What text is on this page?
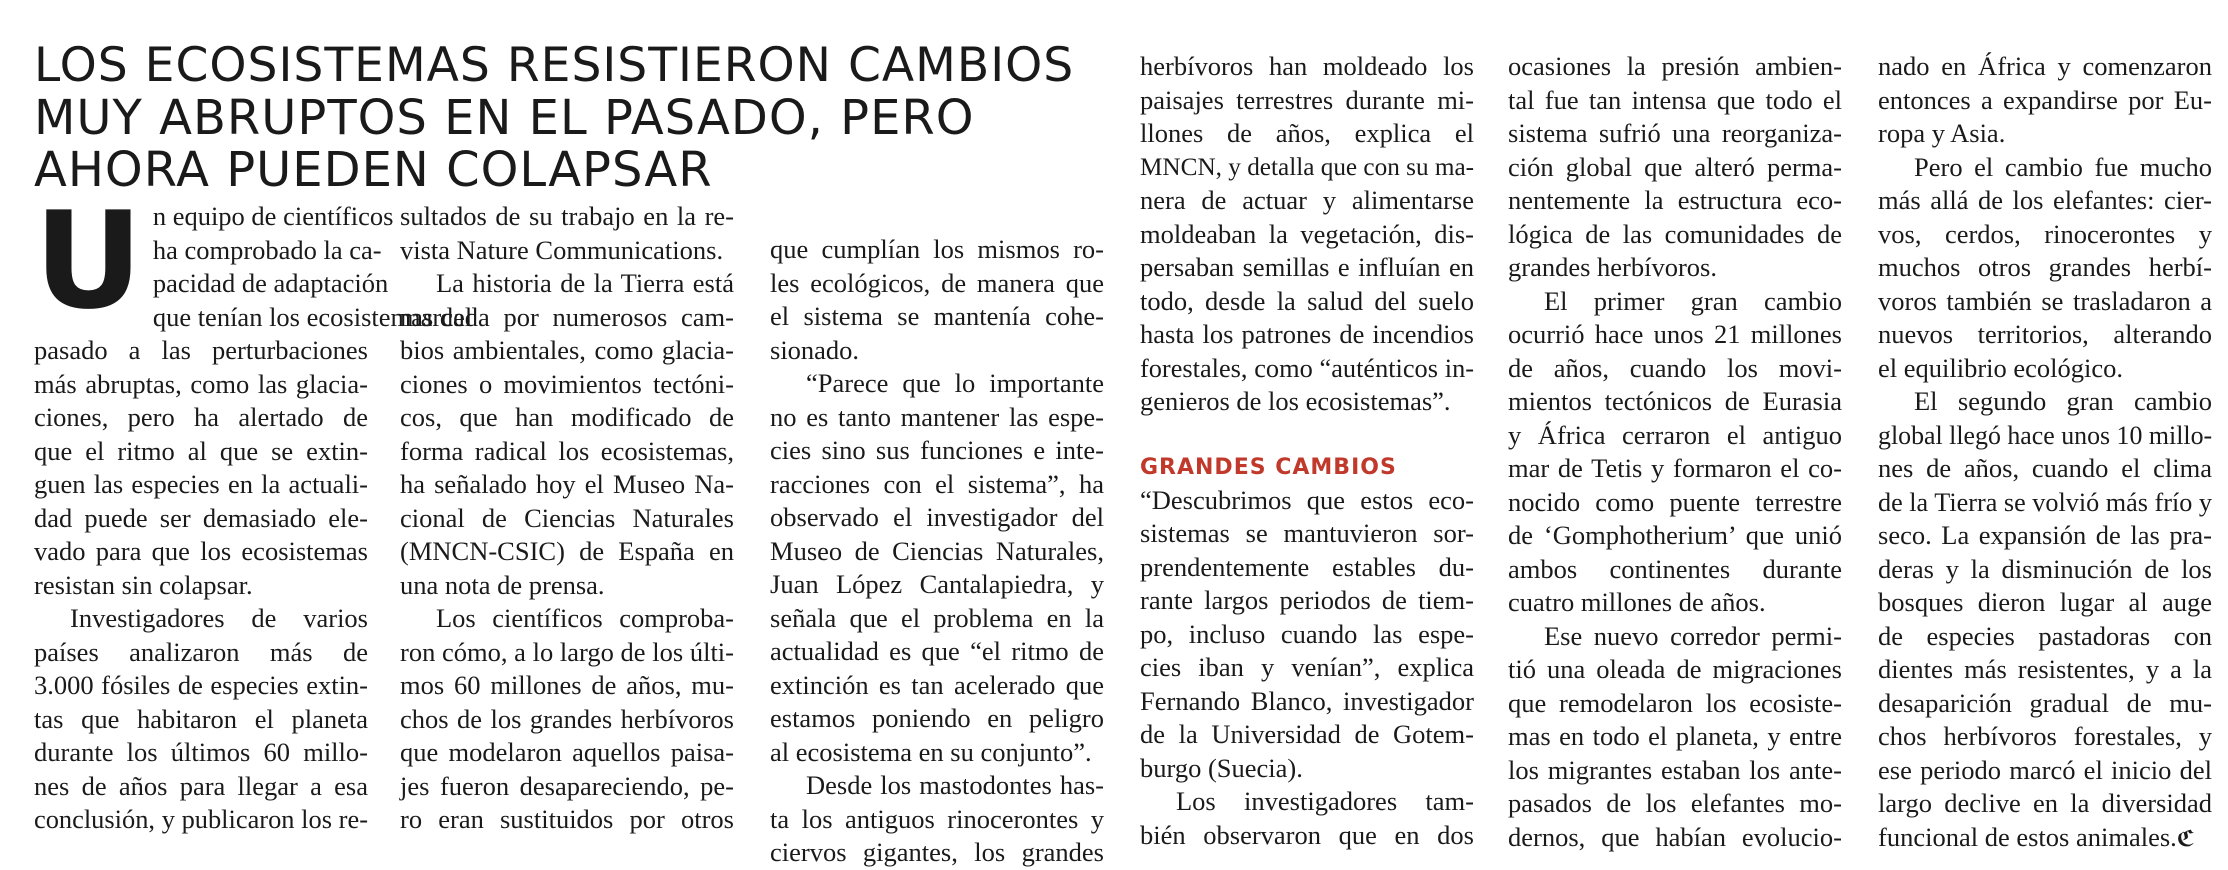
LOS ECOSISTEMAS RESISTIERON CAMBIOS
MUY ABRUPTOS EN EL PASADO, PERO
AHORA PUEDEN COLAPSAR
U n equipo de científicos
ha comprobado la ca-
pacidad de adaptación
que tenían los ecosistemas del
pasado a las perturbaciones
más abruptas, como las glacia-
ciones, pero ha alertado de
que el ritmo al que se extin-
guen las especies en la actuali-
dad puede ser demasiado ele-
vado para que los ecosistemas
resistan sin colapsar.
Investigadores de varios
países analizaron más de
3.000 fósiles de especies extin-
tas que habitaron el planeta
durante los últimos 60 millo-
nes de años para llegar a esa
conclusión, y publicaron los re-
sultados de su trabajo en la re-
vista Nature Communications.
La historia de la Tierra está
marcada por numerosos cam-
bios ambientales, como glacia-
ciones o movimientos tectóni-
cos, que han modificado de
forma radical los ecosistemas,
ha señalado hoy el Museo Na-
cional de Ciencias Naturales
(MNCN-CSIC) de España en
una nota de prensa.
Los científicos comproba-
ron cómo, a lo largo de los últi-
mos 60 millones de años, mu-
chos de los grandes herbívoros
que modelaron aquellos paisa-
jes fueron desapareciendo, pe-
ro eran sustituidos por otros
que cumplían los mismos ro-
les ecológicos, de manera que
el sistema se mantenía cohe-
sionado.
“Parece que lo importante
no es tanto mantener las espe-
cies sino sus funciones e inte-
racciones con el sistema”, ha
observado el investigador del
Museo de Ciencias Naturales,
Juan López Cantalapiedra, y
señala que el problema en la
actualidad es que “el ritmo de
extinción es tan acelerado que
estamos poniendo en peligro
al ecosistema en su conjunto”.
Desde los mastodontes has-
ta los antiguos rinocerontes y
ciervos gigantes, los grandes
herbívoros han moldeado los
paisajes terrestres durante mi-
llones de años, explica el
MNCN, y detalla que con su ma-
nera de actuar y alimentarse
moldeaban la vegetación, dis-
persaban semillas e influían en
todo, desde la salud del suelo
hasta los patrones de incendios
forestales, como “auténticos in-
genieros de los ecosistemas”.
GRANDES CAMBIOS
“Descubrimos que estos eco-
sistemas se mantuvieron sor-
prendentemente estables du-
rante largos periodos de tiem-
po, incluso cuando las espe-
cies iban y venían”, explica
Fernando Blanco, investigador
de la Universidad de Gotem-
burgo (Suecia).
Los investigadores tam-
bién observaron que en dos
ocasiones la presión ambien-
tal fue tan intensa que todo el
sistema sufrió una reorganiza-
ción global que alteró perma-
nentemente la estructura eco-
lógica de las comunidades de
grandes herbívoros.
El primer gran cambio
ocurrió hace unos 21 millones
de años, cuando los movi-
mientos tectónicos de Eurasia
y África cerraron el antiguo
mar de Tetis y formaron el co-
nocido como puente terrestre
de ‘Gomphotherium’ que unió
ambos continentes durante
cuatro millones de años.
Ese nuevo corredor permi-
tió una oleada de migraciones
que remodelaron los ecosiste-
mas en todo el planeta, y entre
los migrantes estaban los ante-
pasados de los elefantes mo-
dernos, que habían evolucio-
nado en África y comenzaron
entonces a expandirse por Eu-
ropa y Asia.
Pero el cambio fue mucho
más allá de los elefantes: cier-
vos, cerdos, rinocerontes y
muchos otros grandes herbí-
voros también se trasladaron a
nuevos territorios, alterando
el equilibrio ecológico.
El segundo gran cambio
global llegó hace unos 10 millo-
nes de años, cuando el clima
de la Tierra se volvió más frío y
seco. La expansión de las pra-
deras y la disminución de los
bosques dieron lugar al auge
de especies pastadoras con
dientes más resistentes, y a la
desaparición gradual de mu-
chos herbívoros forestales, y
ese periodo marcó el inicio del
largo declive en la diversidad
funcional de estos animales.ℭ
